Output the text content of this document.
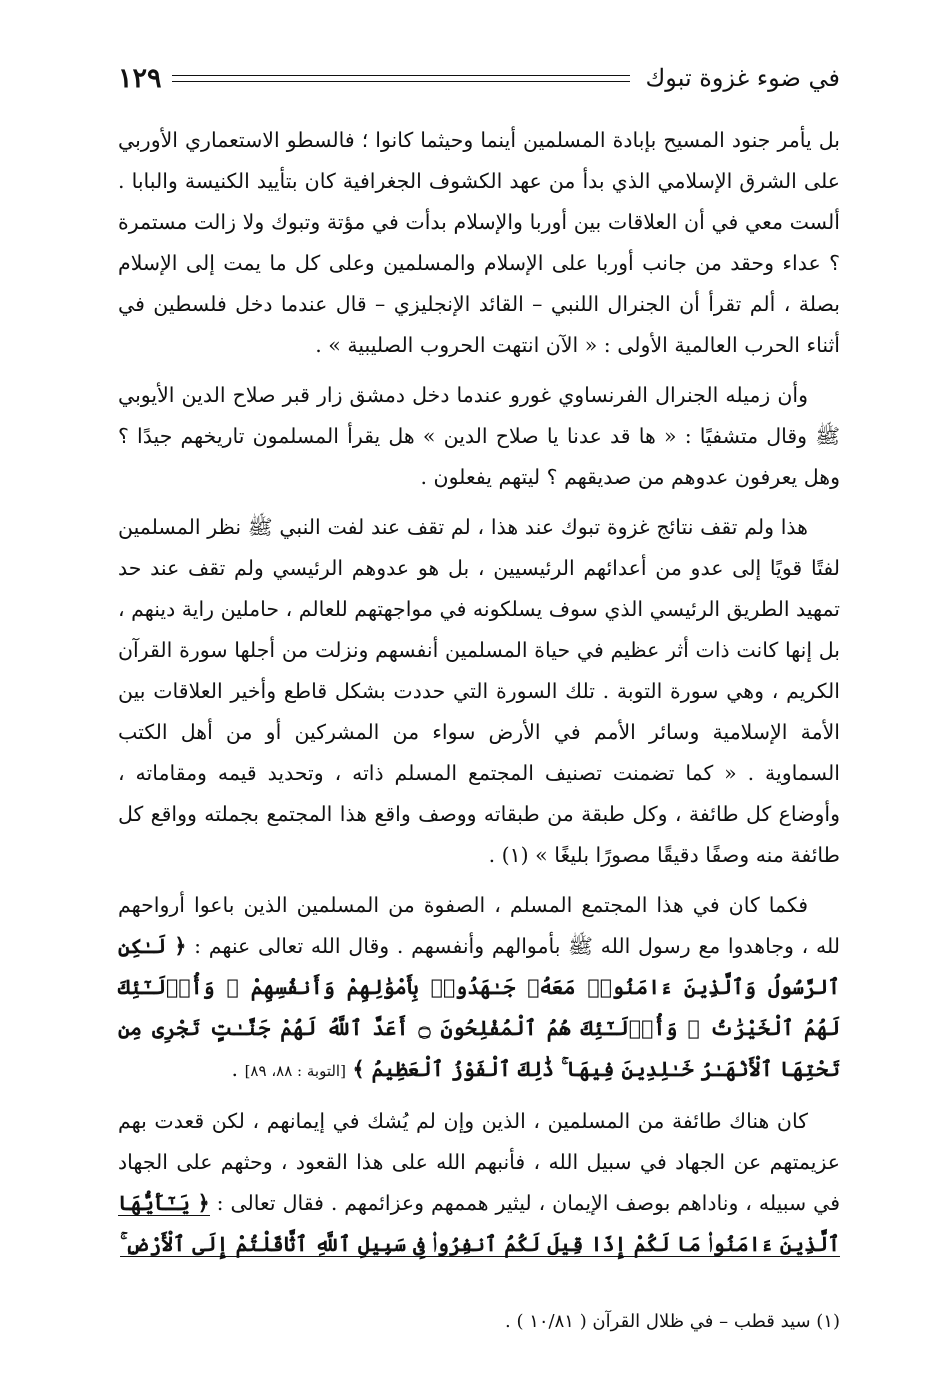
في ضوء غزوة تبوك
١٢٩

بل يأمر جنود المسيح بإبادة المسلمين أينما وحيثما كانوا ؛ فالسطو الاستعماري الأوربي على الشرق الإسلامي الذي بدأ من عهد الكشوف الجغرافية كان بتأييد الكنيسة والبابا . ألست معي في أن العلاقات بين أوربا والإسلام بدأت في مؤتة وتبوك ولا زالت مستمرة ؟ عداء وحقد من جانب أوربا على الإسلام والمسلمين وعلى كل ما يمت إلى الإسلام بصلة ، ألم تقرأ أن الجنرال اللنبي – القائد الإنجليزي – قال عندما دخل فلسطين في أثناء الحرب العالمية الأولى : « الآن انتهت الحروب الصليبية » .

وأن زميله الجنرال الفرنساوي غورو عندما دخل دمشق زار قبر صلاح الدين الأيوبي ﷺ وقال متشفيًا : « ها قد عدنا يا صلاح الدين » هل يقرأ المسلمون تاريخهم جيدًا ؟ وهل يعرفون عدوهم من صديقهم ؟ ليتهم يفعلون .

هذا ولم تقف نتائج غزوة تبوك عند هذا ، لم تقف عند لفت النبي ﷺ نظر المسلمين لفتًا قويًا إلى عدو من أعدائهم الرئيسيين ، بل هو عدوهم الرئيسي ولم تقف عند حد تمهيد الطريق الرئيسي الذي سوف يسلكونه في مواجهتهم للعالم ، حاملين راية دينهم ، بل إنها كانت ذات أثر عظيم في حياة المسلمين أنفسهم ونزلت من أجلها سورة القرآن الكريم ، وهي سورة التوبة . تلك السورة التي حددت بشكل قاطع وأخير العلاقات بين الأمة الإسلامية وسائر الأمم في الأرض سواء من المشركين أو من أهل الكتب السماوية . « كما تضمنت تصنيف المجتمع المسلم ذاته ، وتحديد قيمه ومقاماته ، وأوضاع كل طائفة ، وكل طبقة من طبقاته ووصف واقع هذا المجتمع بجملته وواقع كل طائفة منه وصفًا دقيقًا مصورًا بليغًا » (١) .

فكما كان في هذا المجتمع المسلم ، الصفوة من المسلمين الذين باعوا أرواحهم لله ، وجاهدوا مع رسول الله ﷺ بأموالهم وأنفسهم . وقال الله تعالى عنهم : ﴿ لَـٰكِنِ ٱلرَّسُولُ وَٱلَّذِينَ ءَامَنُوا۟ مَعَهُۥ جَـٰهَدُوا۟ بِأَمْوَٰلِهِمْ وَأَنفُسِهِمْ ۚ وَأُو۟لَـٰٓئِكَ لَهُمُ ٱلْخَيْرَٰتُ ۖ وَأُو۟لَـٰٓئِكَ هُمُ ٱلْمُفْلِحُونَ ۝ أَعَدَّ ٱللَّهُ لَهُمْ جَنَّـٰتٍ تَجْرِى مِن تَحْتِهَا ٱلْأَنْهَـٰرُ خَـٰلِدِينَ فِيهَا ۚ ذَٰلِكَ ٱلْفَوْزُ ٱلْعَظِيمُ ﴾ [التوبة : ٨٨، ٨٩] .

كان هناك طائفة من المسلمين ، الذين وإن لم يُشك في إيمانهم ، لكن قعدت بهم عزيمتهم عن الجهاد في سبيل الله ، فأنبهم الله على هذا القعود ، وحثهم على الجهاد في سبيله ، وناداهم بوصف الإيمان ، ليثير هممهم وعزائمهم . فقال تعالى : ﴿ يَـٰٓأَيُّهَا ٱلَّذِينَ ءَامَنُوا۟ مَا لَكُمْ إِذَا قِيلَ لَكُمُ ٱنفِرُوا۟ فِى سَبِيلِ ٱللَّهِ ٱثَّاقَلْتُمْ إِلَى ٱلْأَرْضِ ۚ

(١) سيد قطب – في ظلال القرآن ( ١٠/٨١ ) .
